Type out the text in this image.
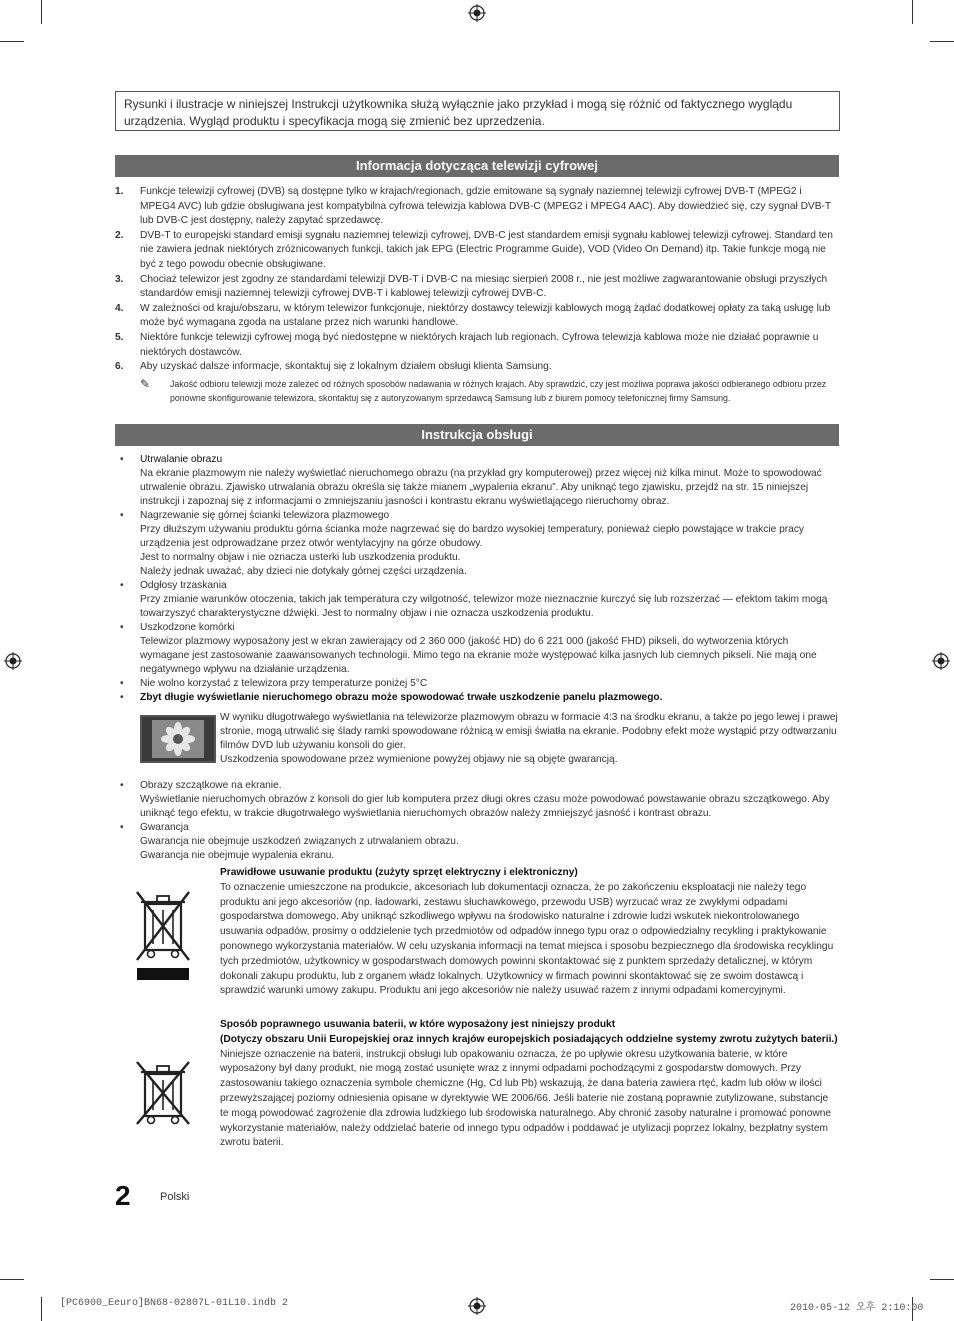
Rysunki i ilustracje w niniejszej Instrukcji użytkownika służą wyłącznie jako przykład i mogą się różnić od faktycznego wyglądu urządzenia. Wygląd produktu i specyfikacja mogą się zmienić bez uprzedzenia.
Informacja dotycząca telewizji cyfrowej
1. Funkcje telewizji cyfrowej (DVB) są dostępne tylko w krajach/regionach, gdzie emitowane są sygnały naziemnej telewizji cyfrowej DVB-T (MPEG2 i MPEG4 AVC) lub gdzie obsługiwana jest kompatybilna cyfrowa telewizja kablowa DVB-C (MPEG2 i MPEG4 AAC). Aby dowiedzieć się, czy sygnał DVB-T lub DVB-C jest dostępny, należy zapytać sprzedawcę.
2. DVB-T to europejski standard emisji sygnału naziemnej telewizji cyfrowej, DVB-C jest standardem emisji sygnału kablowej telewizji cyfrowej. Standard ten nie zawiera jednak niektórych zróżnicowanych funkcji, takich jak EPG (Electric Programme Guide), VOD (Video On Demand) itp. Takie funkcje mogą nie być z tego powodu obecnie obsługiwane.
3. Chociaż telewizor jest zgodny ze standardami telewizji DVB-T i DVB-C na miesiąc sierpień 2008 r., nie jest możliwe zagwarantowanie obsługi przyszłych standardów emisji naziemnej telewizji cyfrowej DVB-T i kablowej telewizji cyfrowej DVB-C.
4. W zależności od kraju/obszaru, w którym telewizor funkcjonuje, niektórzy dostawcy telewizji kablowych mogą żądać dodatkowej opłaty za taką usługę lub może być wymagana zgoda na ustalane przez nich warunki handlowe.
5. Niektóre funkcje telewizji cyfrowej mogą być niedostępne w niektórych krajach lub regionach. Cyfrowa telewizja kablowa może nie działać poprawnie u niektórych dostawców.
6. Aby uzyskać dalsze informacje, skontaktuj się z lokalnym działem obsługi klienta Samsung.
✎ Jakość odbioru telewizji może zależeć od różnych sposobów nadawania w różnych krajach. Aby sprawdzić, czy jest możliwa poprawa jakości odbieranego odbioru przez ponowne skonfigurowanie telewizora, skontaktuj się z autoryzowanym sprzedawcą Samsung lub z biurem pomocy telefonicznej firmy Samsung.
Instrukcja obsługi
• Utrwalanie obrazu
Na ekranie plazmowym nie należy wyświetlać nieruchomego obrazu (na przykład gry komputerowej) przez więcej niż kilka minut. Może to spowodować utrwalenie obrazu. Zjawisko utrwalania obrazu określa się także mianem „wypalenia ekranu”. Aby uniknąć tego zjawisku, przejdź na str. 15 niniejszej instrukcji i zapoznaj się z informacjami o zmniejszaniu jasności i kontrastu ekranu wyświetlającego nieruchomy obraz.
• Nagrzewanie się górnej ścianki telewizora plazmowego
Przy dłuższym używaniu produktu górna ścianka może nagrzewać się do bardzo wysokiej temperatury, ponieważ ciepło powstające w trakcie pracy urządzenia jest odprowadzane przez otwór wentylacyjny na górze obudowy.
Jest to normalny objaw i nie oznacza usterki lub uszkodzenia produktu.
Należy jednak uważać, aby dzieci nie dotykały górnej części urządzenia.
• Odgłosy trzaskania
Przy zmianie warunków otoczenia, takich jak temperatura czy wilgotność, telewizor może nieznacznie kurczyć się lub rozszerzać — efektom takim mogą towarzyszyć charakterystyczne dźwięki. Jest to normalny objaw i nie oznacza uszkodzenia produktu.
• Uszkodzone komórki
Telewizor plazmowy wyposażony jest w ekran zawierający od 2 360 000 (jakość HD) do 6 221 000 (jakość FHD) pikseli, do wytworzenia których wymagane jest zastosowanie zaawansowanych technologii. Mimo tego na ekranie może występować kilka jasnych lub ciemnych pikseli. Nie mają one negatywnego wpływu na działanie urządzenia.
• Nie wolno korzystać z telewizora przy temperaturze poniżej 5°C
• Zbyt długie wyświetlanie nieruchomego obrazu może spowodować trwałe uszkodzenie panelu plazmowego.
W wyniku długotrwałego wyświetlania na telewizorze plazmowym obrazu w formacie 4:3 na środku ekranu, a także po jego lewej i prawej stronie, mogą utrwalić się ślady ramki spowodowane różnicą w emisji światła na ekranie. Podobny efekt może wystąpić przy odtwarzaniu filmów DVD lub używaniu konsoli do gier.
Uszkodzenia spowodowane przez wymienione powyżej objawy nie są objęte gwarancją.
• Obrazy szczątkowe na ekranie.
Wyświetlanie nieruchomych obrazów z konsoli do gier lub komputera przez długi okres czasu może powodować powstawanie obrazu szczątkowego. Aby uniknąć tego efektu, w trakcie długotrwałego wyświetlania nieruchomych obrazów należy zmniejszyć jasność i kontrast obrazu.
• Gwarancja
Gwarancja nie obejmuje uszkodzeń związanych z utrwalaniem obrazu.
Gwarancja nie obejmuje wypalenia ekranu.
Prawidłowe usuwanie produktu (zużyty sprzęt elektryczny i elektroniczny)
To oznaczenie umieszczone na produkcie, akcesoriach lub dokumentacji oznacza, że po zakończeniu eksploatacji nie należy tego produktu ani jego akcesoriów (np. ładowarki, zestawu słuchawkowego, przewodu USB) wyrzucać wraz ze zwykłymi odpadami gospodarstwa domowego. Aby uniknąć szkodliwego wpływu na środowisko naturalne i zdrowie ludzi wskutek niekontrolowanego usuwania odpadów, prosimy o oddzielenie tych przedmiotów od odpadów innego typu oraz o odpowiedzialny recykling i praktykowanie ponownego wykorzystania materiałów. W celu uzyskania informacji na temat miejsca i sposobu bezpiecznego dla środowiska recyklingu tych przedmiotów, użytkownicy w gospodarstwach domowych powinni skontaktować się z punktem sprzedaży detalicznej, w którym dokonali zakupu produktu, lub z organem władz lokalnych. Użytkownicy w firmach powinni skontaktować się ze swoim dostawcą i sprawdzić warunki umowy zakupu. Produktu ani jego akcesoriów nie należy usuwać razem z innymi odpadami komercyjnymi.
Sposób poprawnego usuwania baterii, w które wyposażony jest niniejszy produkt
(Dotyczy obszaru Unii Europejskiej oraz innych krajów europejskich posiadających oddzielne systemy zwrotu zużytych baterii.)
Niniejsze oznaczenie na baterii, instrukcji obsługi lub opakowaniu oznacza, że po upływie okresu użytkowania baterie, w które wyposażony był dany produkt, nie mogą zostać usunięte wraz z innymi odpadami pochodzącymi z gospodarstw domowych. Przy zastosowaniu takiego oznaczenia symbole chemiczne (Hg, Cd lub Pb) wskazują, że dana bateria zawiera rtęć, kadm lub ołów w ilości przewyższającej poziomy odniesienia opisane w dyrektywie WE 2006/66. Jeśli baterie nie zostaną poprawnie zutylizowane, substancje te mogą powodować zagrożenie dla zdrowia ludzkiego lub środowiska naturalnego. Aby chronić zasoby naturalne i promować ponowne wykorzystanie materiałów, należy oddzielać baterie od innego typu odpadów i poddawać je utylizacji poprzez lokalny, bezpłatny system zwrotu baterii.
2	Polski
[PC6900_Eeuro]BN68-02807L-01L10.indb 2	2010-05-12 오후 2:10:00
